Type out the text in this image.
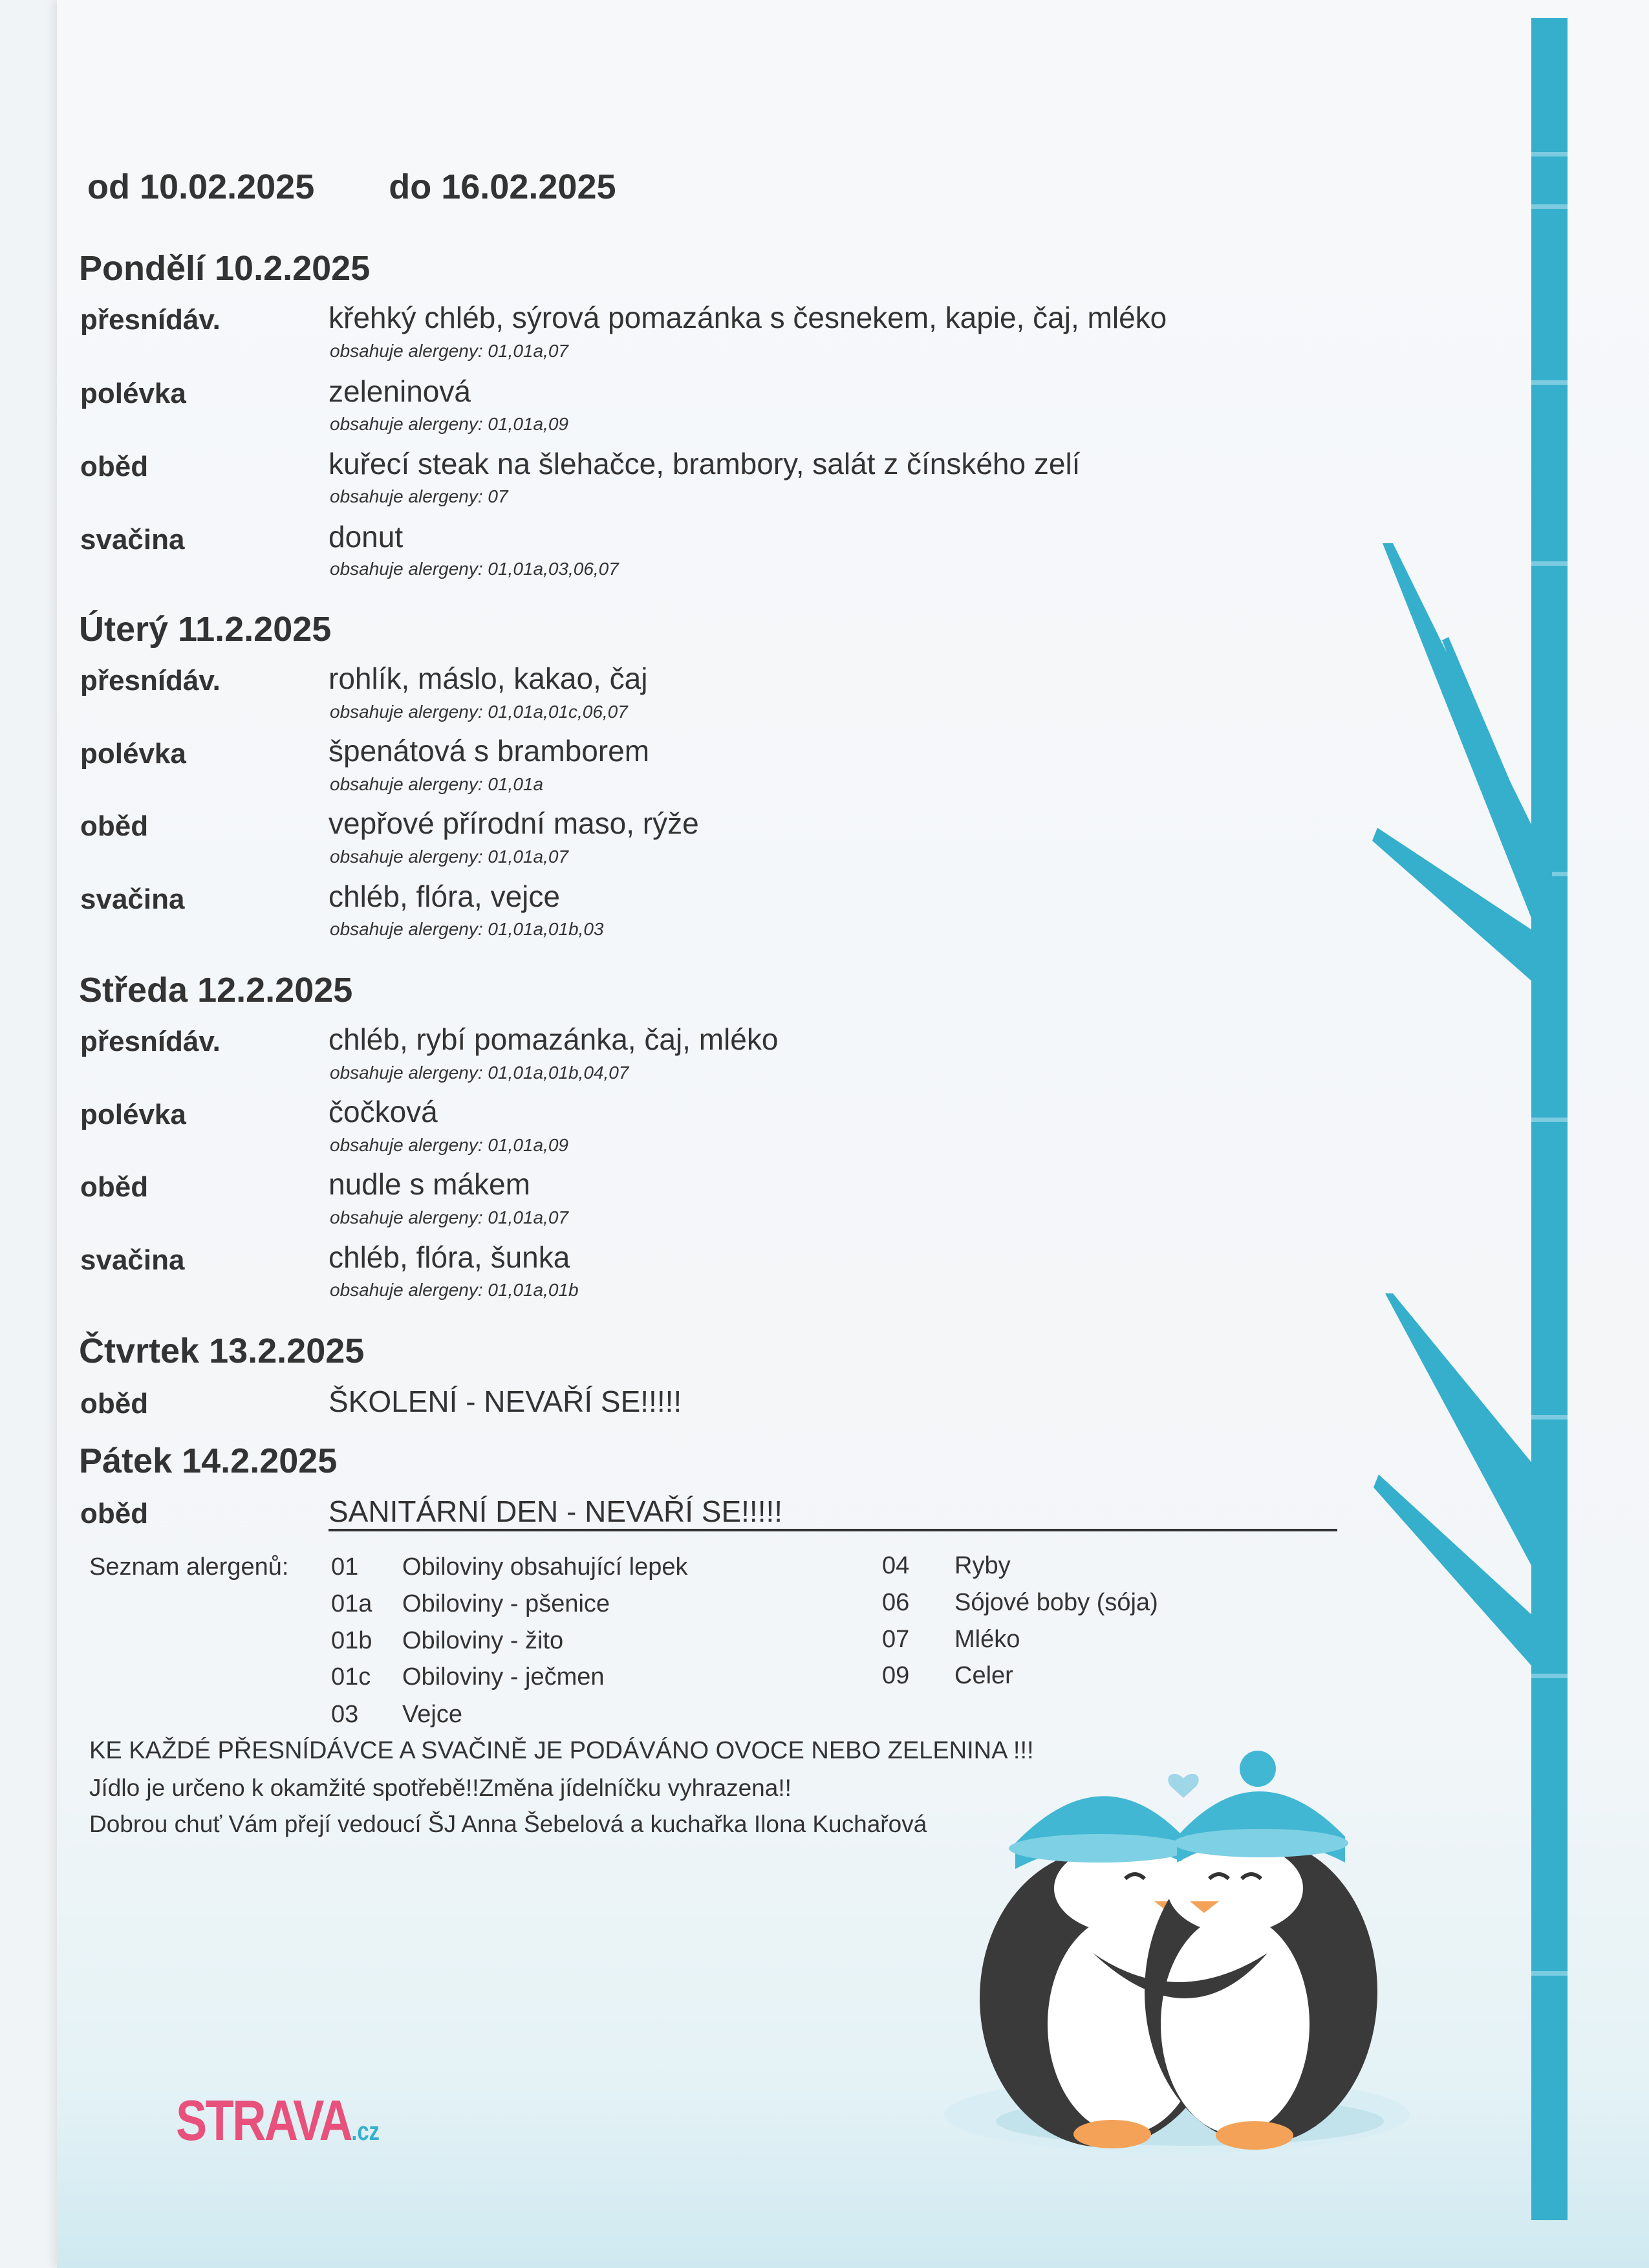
od 10.02.2025 do 16.02.2025
Pondělí 10.2.2025
přesnídáv.	křehký chléb, sýrová pomazánka s česnekem, kapie, čaj, mléko
obsahuje alergeny: 01,01a,07
polévka	zeleninová
obsahuje alergeny: 01,01a,09
oběd	kuřecí steak na šlehačce, brambory, salát z čínského zelí
obsahuje alergeny: 07
svačina	donut
obsahuje alergeny: 01,01a,03,06,07
Úterý 11.2.2025
přesnídáv.	rohlík, máslo, kakao, čaj
obsahuje alergeny: 01,01a,01c,06,07
polévka	špenátová s bramborem
obsahuje alergeny: 01,01a
oběd	vepřové přírodní maso, rýže
obsahuje alergeny: 01,01a,07
svačina	chléb, flóra, vejce
obsahuje alergeny: 01,01a,01b,03
Středa 12.2.2025
přesnídáv.	chléb, rybí pomazánka, čaj, mléko
obsahuje alergeny: 01,01a,01b,04,07
polévka	čočková
obsahuje alergeny: 01,01a,09
oběd	nudle s mákem
obsahuje alergeny: 01,01a,07
svačina	chléb, flóra, šunka
obsahuje alergeny: 01,01a,01b
Čtvrtek 13.2.2025
oběd	ŠKOLENÍ - NEVAŘÍ SE!!!!!
Pátek 14.2.2025
oběd	SANITÁRNÍ DEN - NEVAŘÍ SE!!!!!
Seznam alergenů: 01 Obiloviny obsahující lepek
01a Obiloviny - pšenice
01b Obiloviny - žito
01c Obiloviny - ječmen
03 Vejce
04 Ryby
06 Sójové boby (sója)
07 Mléko
09 Celer
KE KAŽDÉ PŘESNÍDÁVCE A SVAČINĚ JE PODÁVÁNO OVOCE NEBO ZELENINA !!!
Jídlo je určeno k okamžité spotřebě!!Změna jídelníčku vyhrazena!!
Dobrou chuť Vám přejí vedoucí ŠJ Anna Šebelová a kuchařka Ilona Kuchařová
STRAVA.cz
